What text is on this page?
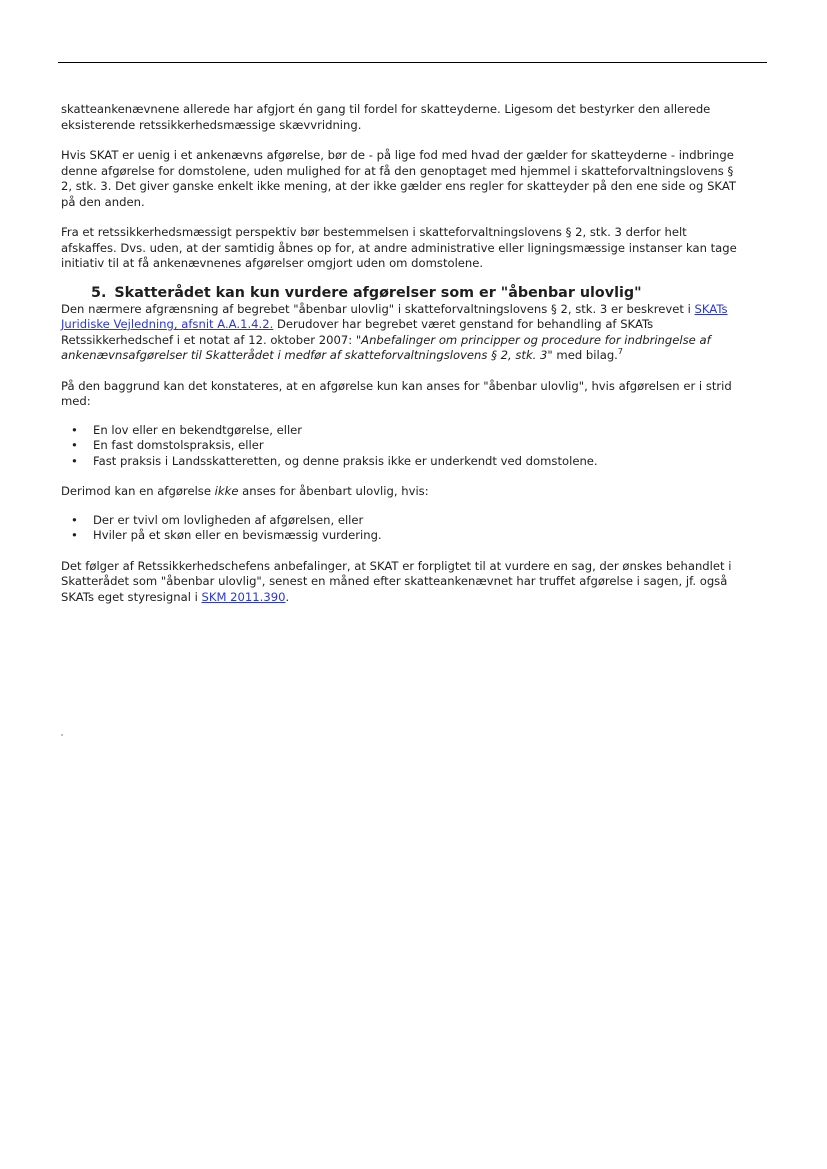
skatteankenævnene allerede har afgjort én gang til fordel for skatteyderne. Ligesom det bestyrker den allerede eksisterende retssikkerhedsmæssige skævvridning.

Hvis SKAT er uenig i et ankenævns afgørelse, bør de - på lige fod med hvad der gælder for skatteyderne - indbringe denne afgørelse for domstolene, uden mulighed for at få den genoptaget med hjemmel i skatteforvaltningslovens § 2, stk. 3. Det giver ganske enkelt ikke mening, at der ikke gælder ens regler for skatteyder på den ene side og SKAT på den anden.

Fra et retssikkerhedsmæssigt perspektiv bør bestemmelsen i skatteforvaltningslovens § 2, stk. 3 derfor helt afskaffes. Dvs. uden, at der samtidig åbnes op for, at andre administrative eller ligningsmæssige instanser kan tage initiativ til at få ankenævnenes afgørelser omgjort uden om domstolene.

5. Skatterådet kan kun vurdere afgørelser som er "åbenbar ulovlig"

Den nærmere afgrænsning af begrebet "åbenbar ulovlig" i skatteforvaltningslovens § 2, stk. 3 er beskrevet i SKATs Juridiske Vejledning, afsnit A.A.1.4.2. Derudover har begrebet været genstand for behandling af SKATs Retssikkerhedschef i et notat af 12. oktober 2007: "Anbefalinger om principper og procedure for indbringelse af ankenævnsafgørelser til Skatterådet i medfør af skatteforvaltningslovens § 2, stk. 3" med bilag.$^7$

På den baggrund kan det konstateres, at en afgørelse kun kan anses for "åbenbar ulovlig", hvis afgørelsen er i strid med:

• En lov eller en bekendtgørelse, eller
• En fast domstolspraksis, eller
• Fast praksis i Landsskatteretten, og denne praksis ikke er underkendt ved domstolene.

Derimod kan en afgørelse ikke anses for åbenbart ulovlig, hvis:

• Der er tvivl om lovligheden af afgørelsen, eller
• Hviler på et skøn eller en bevismæssig vurdering.

Det følger af Retssikkerhedschefens anbefalinger, at SKAT er forpligtet til at vurdere en sag, der ønskes behandlet i Skatterådet som "åbenbar ulovlig", senest en måned efter skatteankenævnet har truffet afgørelse i sagen, jf. også SKATs eget styresignal i SKM 2011.390.
